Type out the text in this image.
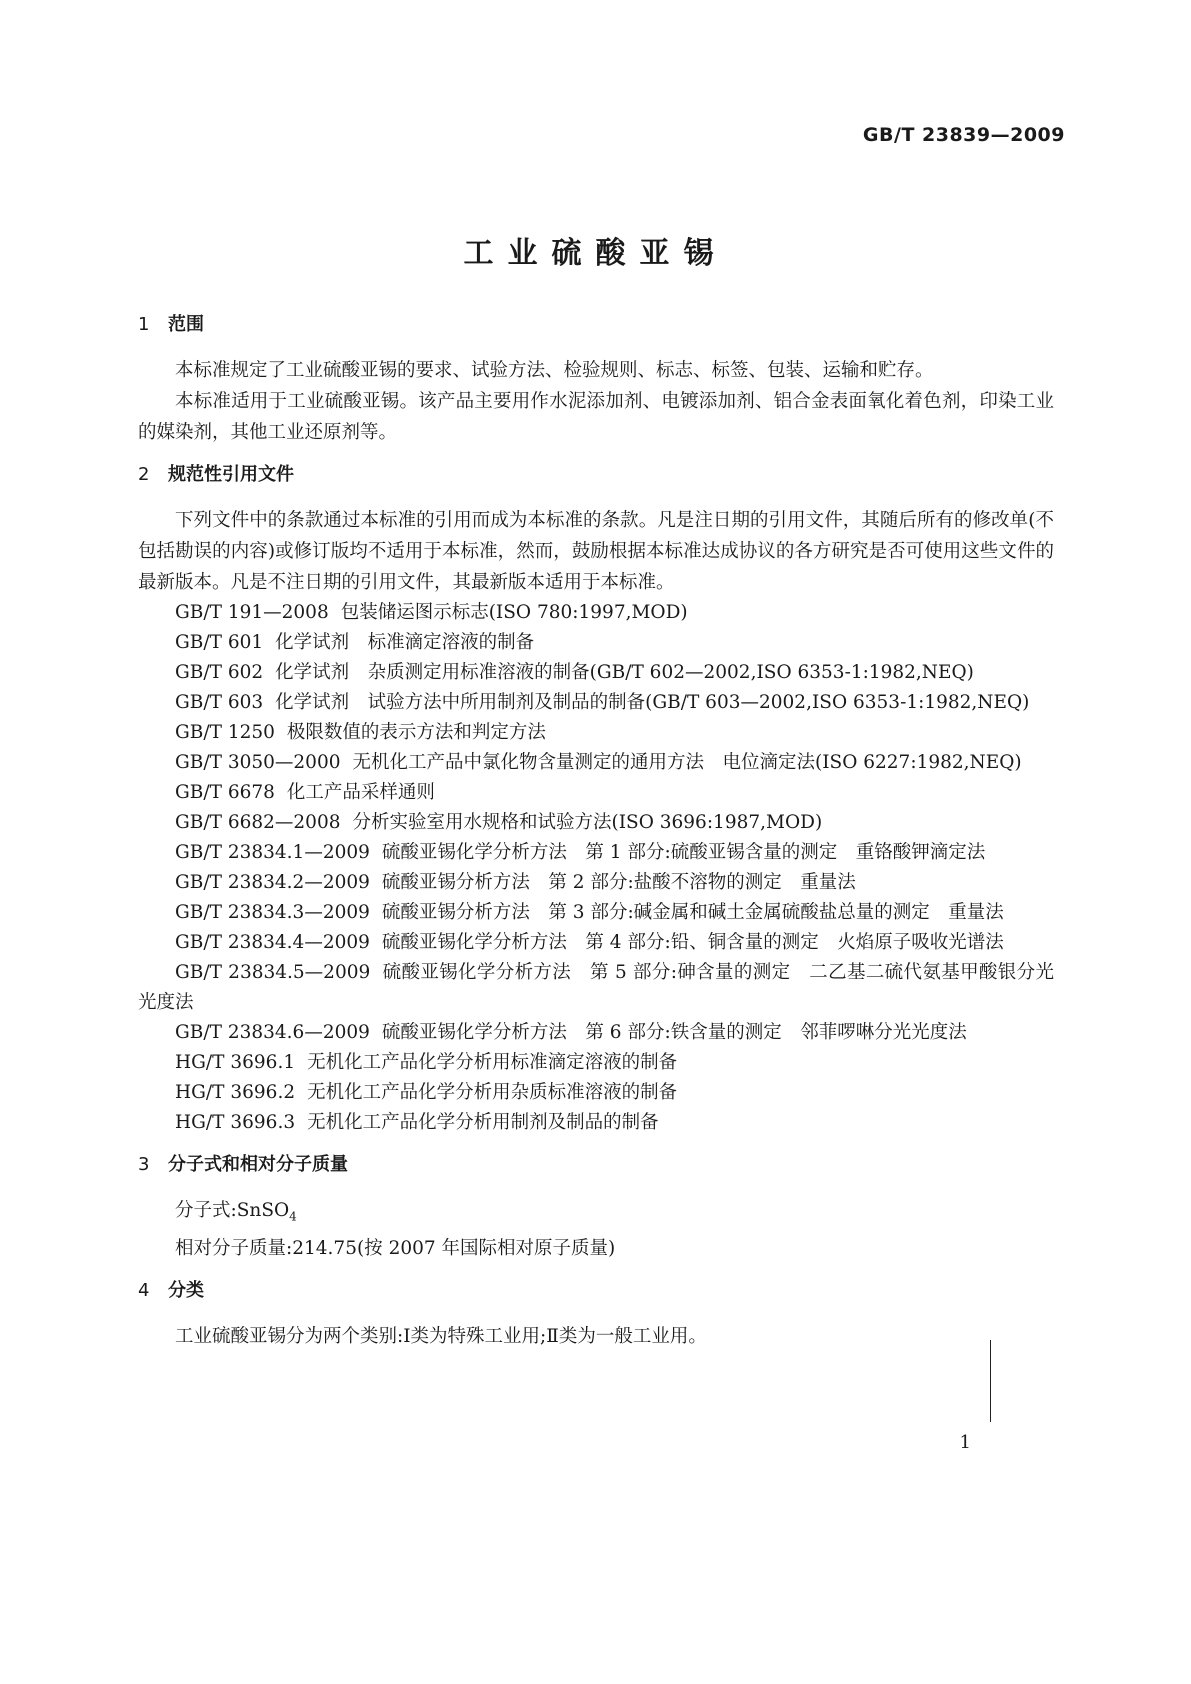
GB/T 23839—2009
工业硫酸亚锡
1 范围

本标准规定了工业硫酸亚锡的要求、试验方法、检验规则、标志、标签、包装、运输和贮存。

本标准适用于工业硫酸亚锡。该产品主要用作水泥添加剂、电镀添加剂、铝合金表面氧化着色剂，印染工业的媒染剂，其他工业还原剂等。

2 规范性引用文件

下列文件中的条款通过本标准的引用而成为本标准的条款。凡是注日期的引用文件，其随后所有的修改单(不包括勘误的内容)或修订版均不适用于本标准，然而，鼓励根据本标准达成协议的各方研究是否可使用这些文件的最新版本。凡是不注日期的引用文件，其最新版本适用于本标准。

GB/T 191—2008 包装储运图示标志(ISO 780:1997,MOD)

GB/T 601 化学试剂　标准滴定溶液的制备

GB/T 602 化学试剂　杂质测定用标准溶液的制备(GB/T 602—2002,ISO 6353-1:1982,NEQ)

GB/T 603 化学试剂　试验方法中所用制剂及制品的制备(GB/T 603—2002,ISO 6353-1:1982,NEQ)

GB/T 1250 极限数值的表示方法和判定方法

GB/T 3050—2000 无机化工产品中氯化物含量测定的通用方法　电位滴定法(ISO 6227:1982,NEQ)

GB/T 6678 化工产品采样通则

GB/T 6682—2008 分析实验室用水规格和试验方法(ISO 3696:1987,MOD)

GB/T 23834.1—2009 硫酸亚锡化学分析方法　第 1 部分:硫酸亚锡含量的测定　重铬酸钾滴定法

GB/T 23834.2—2009 硫酸亚锡分析方法　第 2 部分:盐酸不溶物的测定　重量法

GB/T 23834.3—2009 硫酸亚锡分析方法　第 3 部分:碱金属和碱土金属硫酸盐总量的测定　重量法

GB/T 23834.4—2009 硫酸亚锡化学分析方法　第 4 部分:铅、铜含量的测定　火焰原子吸收光谱法

GB/T 23834.5—2009 硫酸亚锡化学分析方法　第 5 部分:砷含量的测定　二乙基二硫代氨基甲酸银分光光度法

GB/T 23834.6—2009 硫酸亚锡化学分析方法　第 6 部分:铁含量的测定　邻菲啰啉分光光度法

HG/T 3696.1 无机化工产品化学分析用标准滴定溶液的制备

HG/T 3696.2 无机化工产品化学分析用杂质标准溶液的制备

HG/T 3696.3 无机化工产品化学分析用制剂及制品的制备

3 分子式和相对分子质量

分子式:SnSO$_4$

相对分子质量:214.75(按 2007 年国际相对原子质量)

4 分类

工业硫酸亚锡分为两个类别:Ⅰ类为特殊工业用;Ⅱ类为一般工业用。

1
